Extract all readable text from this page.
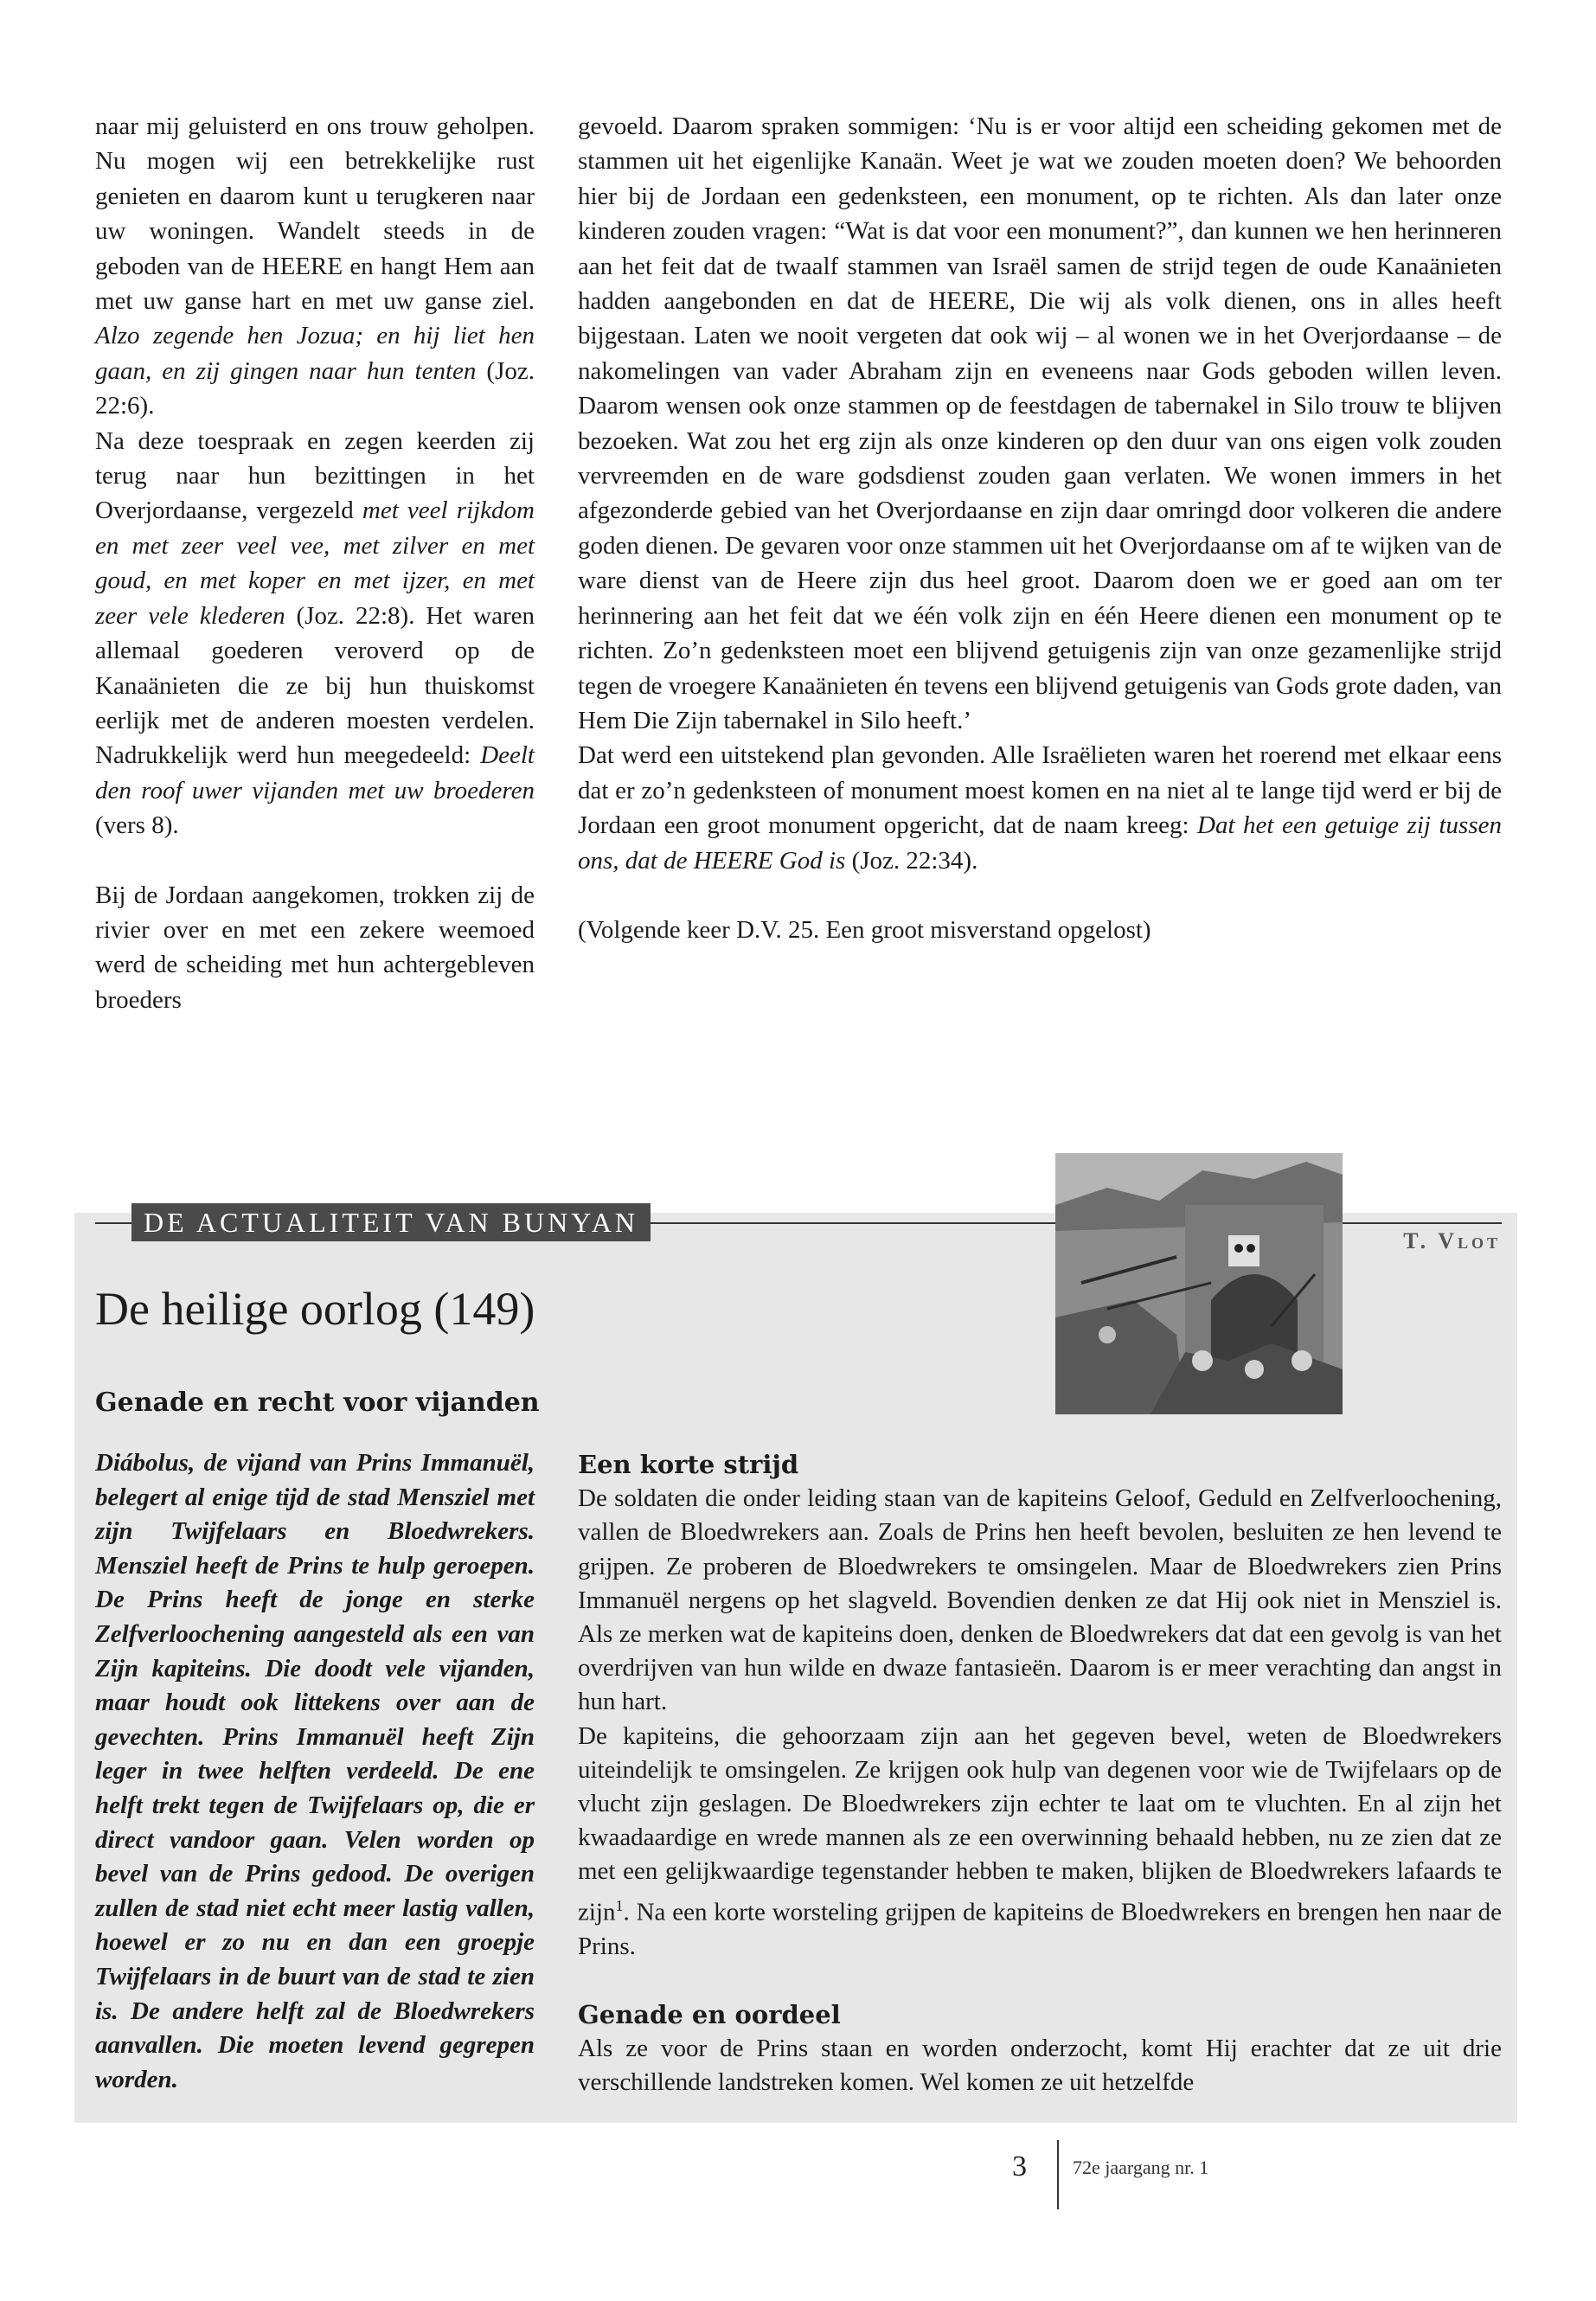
naar mij geluisterd en ons trouw geholpen. Nu mogen wij een betrekkelijke rust genieten en daarom kunt u terugkeren naar uw woningen. Wandelt steeds in de geboden van de HEERE en hangt Hem aan met uw ganse hart en met uw ganse ziel. Alzo zegende hen Jozua; en hij liet hen gaan, en zij gingen naar hun tenten (Joz. 22:6).

Na deze toespraak en zegen keerden zij terug naar hun bezittingen in het Overjordaanse, vergezeld met veel rijkdom en met zeer veel vee, met zilver en met goud, en met koper en met ijzer, en met zeer vele klederen (Joz. 22:8). Het waren allemaal goederen veroverd op de Kanaänieten die ze bij hun thuiskomst eerlijk met de anderen moesten verdelen. Nadrukkelijk werd hun meegedeeld: Deelt den roof uwer vijanden met uw broederen (vers 8).

Bij de Jordaan aangekomen, trokken zij de rivier over en met een zekere weemoed werd de scheiding met hun achtergebleven broeders

gevoeld. Daarom spraken sommigen: ‘Nu is er voor altijd een scheiding gekomen met de stammen uit het eigenlijke Kanaän. Weet je wat we zouden moeten doen? We behoorden hier bij de Jordaan een gedenksteen, een monument, op te richten. Als dan later onze kinderen zouden vragen: “Wat is dat voor een monument?”, dan kunnen we hen herinneren aan het feit dat de twaalf stammen van Israël samen de strijd tegen de oude Kanaänieten hadden aangebonden en dat de HEERE, Die wij als volk dienen, ons in alles heeft bijgestaan. Laten we nooit vergeten dat ook wij – al wonen we in het Overjordaanse – de nakomelingen van vader Abraham zijn en eveneens naar Gods geboden willen leven. Daarom wensen ook onze stammen op de feestdagen de tabernakel in Silo trouw te blijven bezoeken. Wat zou het erg zijn als onze kinderen op den duur van ons eigen volk zouden vervreemden en de ware godsdienst zouden gaan verlaten. We wonen immers in het afgezonderde gebied van het Overjordaanse en zijn daar omringd door volkeren die andere goden dienen. De gevaren voor onze stammen uit het Overjordaanse om af te wijken van de ware dienst van de Heere zijn dus heel groot. Daarom doen we er goed aan om ter herinnering aan het feit dat we één volk zijn en één Heere dienen een monument op te richten. Zo’n gedenksteen moet een blijvend getuigenis zijn van onze gezamenlijke strijd tegen de vroegere Kanaänieten én tevens een blijvend getuigenis van Gods grote daden, van Hem Die Zijn tabernakel in Silo heeft.’

Dat werd een uitstekend plan gevonden. Alle Israëlieten waren het roerend met elkaar eens dat er zo’n gedenksteen of monument moest komen en na niet al te lange tijd werd er bij de Jordaan een groot monument opgericht, dat de naam kreeg: Dat het een getuige zij tussen ons, dat de HEERE God is (Joz. 22:34).

(Volgende keer D.V. 25. Een groot misverstand opgelost)

DE ACTUALITEIT VAN BUNYAN
T. Vlot
De heilige oorlog (149)
Genade en recht voor vijanden
Diábolus, de vijand van Prins Immanuël, belegert al enige tijd de stad Mensziel met zijn Twijfelaars en Bloedwrekers. Mensziel heeft de Prins te hulp geroepen. De Prins heeft de jonge en sterke Zelfverloochening aangesteld als een van Zijn kapiteins. Die doodt vele vijanden, maar houdt ook littekens over aan de gevechten. Prins Immanuël heeft Zijn leger in twee helften verdeeld. De ene helft trekt tegen de Twijfelaars op, die er direct vandoor gaan. Velen worden op bevel van de Prins gedood. De overigen zullen de stad niet echt meer lastig vallen, hoewel er zo nu en dan een groepje Twijfelaars in de buurt van de stad te zien is. De andere helft zal de Bloedwrekers aanvallen. Die moeten levend gegrepen worden.
Een korte strijd

De soldaten die onder leiding staan van de kapiteins Geloof, Geduld en Zelfverloochening, vallen de Bloedwrekers aan. Zoals de Prins hen heeft bevolen, besluiten ze hen levend te grijpen. Ze proberen de Bloedwrekers te omsingelen. Maar de Bloedwrekers zien Prins Immanuël nergens op het slagveld. Bovendien denken ze dat Hij ook niet in Mensziel is. Als ze merken wat de kapiteins doen, denken de Bloedwrekers dat dat een gevolg is van het overdrijven van hun wilde en dwaze fantasieën. Daarom is er meer verachting dan angst in hun hart.

De kapiteins, die gehoorzaam zijn aan het gegeven bevel, weten de Bloedwrekers uiteindelijk te omsingelen. Ze krijgen ook hulp van degenen voor wie de Twijfelaars op de vlucht zijn geslagen. De Bloedwrekers zijn echter te laat om te vluchten. En al zijn het kwaadaardige en wrede mannen als ze een overwinning behaald hebben, nu ze zien dat ze met een gelijkwaardige tegenstander hebben te maken, blijken de Bloedwrekers lafaards te zijn$^1$. Na een korte worsteling grijpen de kapiteins de Bloedwrekers en brengen hen naar de Prins.

Genade en oordeel

Als ze voor de Prins staan en worden onderzocht, komt Hij erachter dat ze uit drie verschillende landstreken komen. Wel komen ze uit hetzelfde

3 72e jaargang nr. 1
